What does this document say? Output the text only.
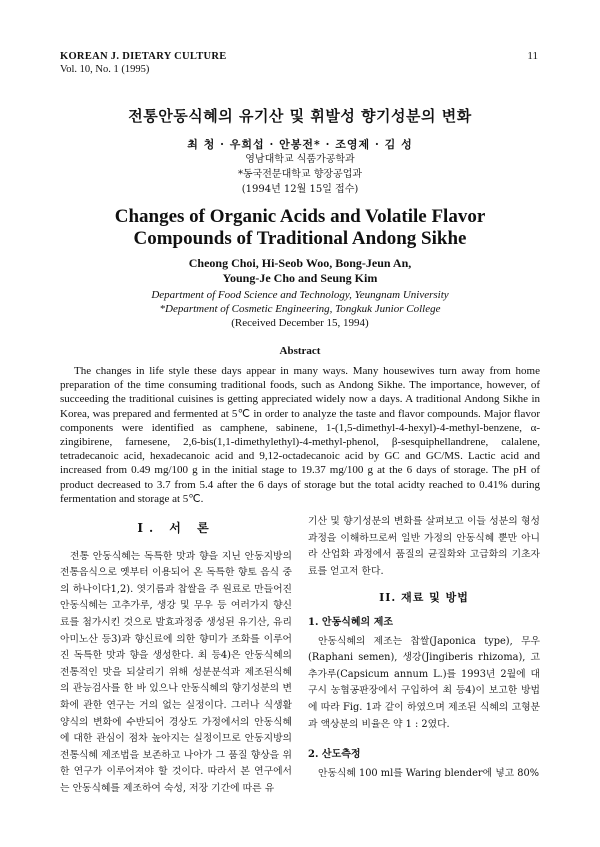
KOREAN J. DIETARY CULTURE
Vol. 10, No. 1 (1995)
11
전통안동식혜의 유기산 및 휘발성 향기성분의 변화
최 청 · 우희섭 · 안봉전* · 조영제 · 김 성
영남대학교 식품가공학과
*동국전문대학교 향장공업과
(1994년 12월 15일 접수)
Changes of Organic Acids and Volatile Flavor
Compounds of Traditional Andong Sikhe
Cheong Choi, Hi-Seob Woo, Bong-Jeun An,
Young-Je Cho and Seung Kim
Department of Food Science and Technology, Yeungnam University
*Department of Cosmetic Engineering, Tongkuk Junior College
(Received December 15, 1994)
Abstract
The changes in life style these days appear in many ways. Many housewives turn away from home preparation of the time consuming traditional foods, such as Andong Sikhe. The importance, however, of succeeding the traditional cuisines is getting appreciated widely now a days. A traditional Andong Sikhe in Korea, was prepared and fermented at 5℃ in order to analyze the taste and flavor compounds. Major flavor components were identified as camphene, sabinene, 1-(1,5-dimethyl-4-hexyl)-4-methyl-benzene, α-zingibirene, farnesene, 2,6-bis(1,1-dimethylethyl)-4-methyl-phenol, β-sesquiphellandrene, calalene, tetradecanoic acid, hexadecanoic acid and 9,12-octadecanoic acid by GC and GC/MS. Lactic acid and increased from 0.49 mg/100 g in the initial stage to 19.37 mg/100 g at the 6 days of storage. The pH of product decreased to 3.7 from 5.4 after the 6 days of storage but the total acidty reached to 0.41% during fermentation and storage at 5℃.
I. 서 론

전통 안동식혜는 독특한 맛과 향을 지닌 안동지방의 전통음식으로 옛부터 이용되어 온 독특한 향토 음식 중의 하나이다1,2). 엿기름과 찹쌀을 주 원료로 만들어진 안동식혜는 고추가루, 생강 및 무우 등 여러가지 향신료를 첨가시킨 것으로 발효과정중 생성된 유기산, 유리아미노산 등3)과 향신료에 의한 향미가 조화를 이루어진 독특한 맛과 향을 생성한다. 최 등4)은 안동식혜의 전통적인 맛을 되살리기 위해 성분분석과 제조된식혜의 관능검사를 한 바 있으나 안동식혜의 향기성분의 변화에 관한 연구는 거의 없는 실정이다. 그러나 식생활 양식의 변화에 수반되어 경상도 가정에서의 안동식혜에 대한 관심이 점차 높아지는 실정이므로 안동지방의 전통식혜 제조법을 보존하고 나아가 그 품질 향상을 위한 연구가 이루어져야 할 것이다. 따라서 본 연구에서는 안동식혜를 제조하여 숙성, 저장 기간에 따른 유

기산 및 향기성분의 변화를 살펴보고 이들 성분의 형성과정을 이해하므로써 일반 가정의 안동식혜 뿐만 아니라 산업화 과정에서 품질의 균질화와 고급화의 기초자료를 얻고저 한다.

II. 재료 및 방법
1. 안동식혜의 제조

안동식혜의 제조는 찹쌀(Japonica type), 무우(Raphani semen), 생강(Jingiberis rhizoma), 고추가루(Capsicum annum L.)를 1993년 2월에 대구시 농협공판장에서 구입하여 최 등4)이 보고한 방법에 따라 Fig. 1과 같이 하였으며 제조된 식혜의 고형분과 액상분의 비율은 약 1 : 2였다.

2. 산도측정

안동식혜 100 ml를 Waring blender에 넣고 80%
